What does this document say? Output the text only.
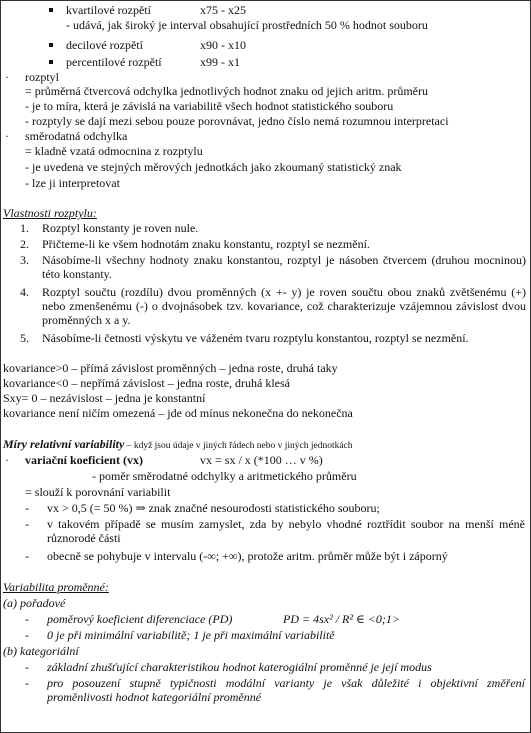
kvartilové rozpětí	x75 - x25
- udává, jak široký je interval obsahující prostředních 50 % hodnot souboru
decilové rozpětí	x90 - x10
percentilové rozpětí	x99 - x1
· rozptyl
= průměrná čtvercová odchylka jednotlivých hodnot znaku od jejich aritm. průměru
- je to míra, která je závislá na variabilitě všech hodnot statistického souboru
- rozptyly se dají mezi sebou pouze porovnávat, jedno číslo nemá rozumnou interpretaci
· směrodatná odchylka
= kladně vzatá odmocnina z rozptylu
- je uvedena ve stejných měrových jednotkách jako zkoumaný statistický znak
- lze ji interpretovat
Vlastnosti rozptylu:
1. Rozptyl konstanty je roven nule.
2. Přičteme-li ke všem hodnotám znaku konstantu, rozptyl se nezmění.
3. Násobíme-li všechny hodnoty znaku konstantou, rozptyl je násoben čtvercem (druhou mocninou) této konstanty.
4. Rozptyl součtu (rozdílu) dvou proměnných (x +- y) je roven součtu obou znaků zvětšenému (+) nebo zmenšenému (-) o dvojnásobek tzv. kovariance, což charakterizuje vzájemnou závislost dvou proměnných x a y.
5. Násobíme-li četnosti výskytu ve váženém tvaru rozptylu konstantou, rozptyl se nezmění.
kovariance>0 – přímá závislost proměnných – jedna roste, druhá taky
kovariance<0 – nepřímá závislost – jedna roste, druhá klesá
Sxy= 0 – nezávislost – jedna je konstantní
kovariance není ničím omezená – jde od mínus nekonečna do nekonečna
Míry relativní variability – když jsou údaje v jiných řádech nebo v jiných jednotkách
· variační koeficient (vx)	vx = sx / x (*100 … v %)
- poměr směrodatné odchylky a aritmetického průměru
= slouží k porovnání variabilit
- vx > 0,5 (= 50 %) ⇒ znak značné nesourodosti statistického souboru;
- v takovém případě se musím zamyslet, zda by nebylo vhodné roztřídit soubor na menší méně různorodé části
- obecně se pohybuje v intervalu (-∞; +∞), protože aritm. průměr může být i záporný
Variabilita proměnné:
(a) pořadové
- poměrový koeficient diferenciace (PD)	PD = 4sx² / R² ∈ <0;1>
- 0 je při minimální variabilitě; 1 je při maximální variabilitě
(b) kategoriální
- základní zhušťující charakteristikou hodnot katerogiální proměnné je její modus
- pro posouzení stupně typičnosti modální varianty je však důležité i objektivní změření proměnlivosti hodnot kategoriální proměnné
